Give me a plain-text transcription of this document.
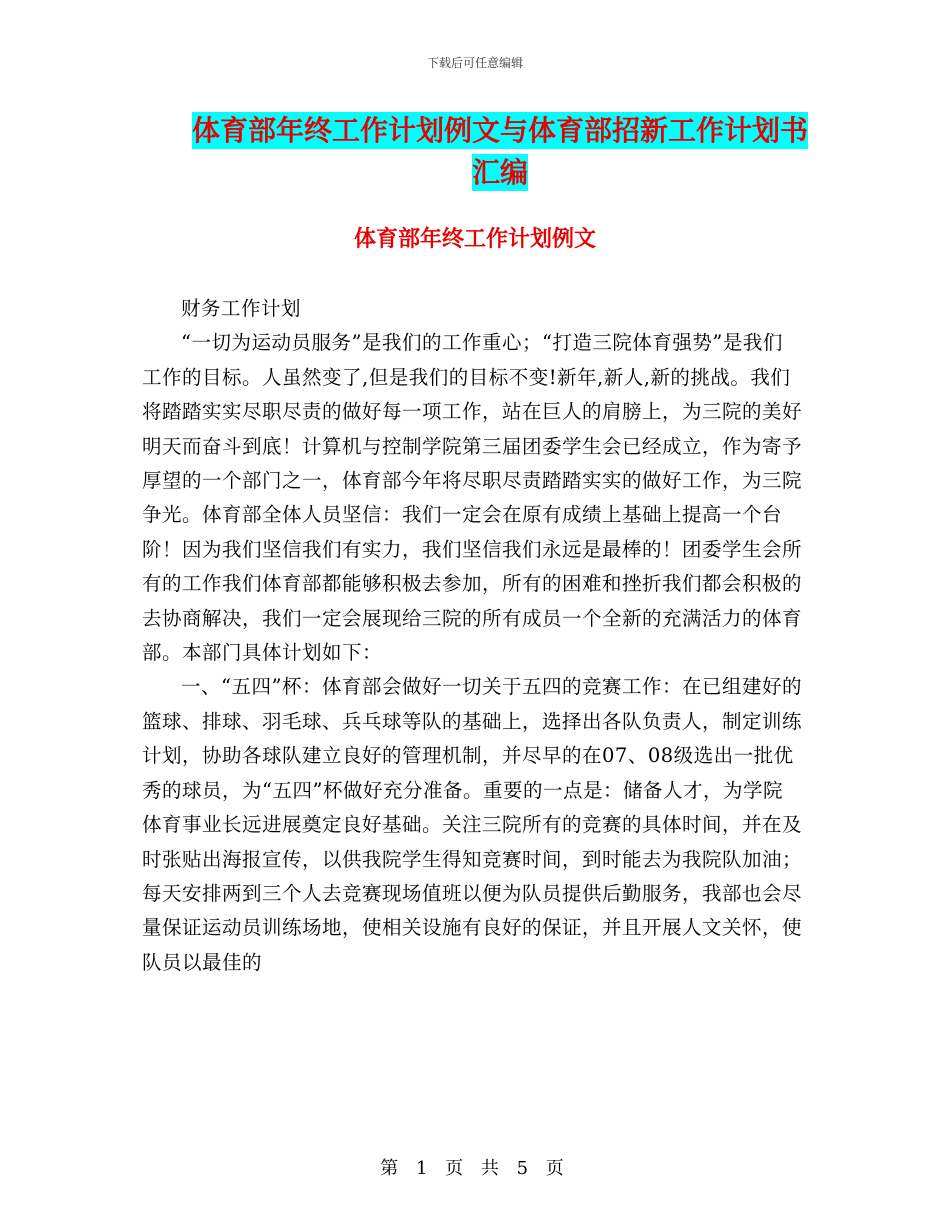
下载后可任意编辑
体育部年终工作计划例文与体育部招新工作计划书汇编
体育部年终工作计划例文

财务工作计划

“一切为运动员服务”是我们的工作重心；“打造三院体育强势”是我们工作的目标。人虽然变了,但是我们的目标不变!新年,新人,新的挑战。我们将踏踏实实尽职尽责的做好每一项工作，站在巨人的肩膀上，为三院的美好明天而奋斗到底！计算机与控制学院第三届团委学生会已经成立，作为寄予厚望的一个部门之一，体育部今年将尽职尽责踏踏实实的做好工作，为三院争光。体育部全体人员坚信：我们一定会在原有成绩上基础上提高一个台阶！因为我们坚信我们有实力，我们坚信我们永远是最棒的！团委学生会所有的工作我们体育部都能够积极去参加，所有的困难和挫折我们都会积极的去协商解决，我们一定会展现给三院的所有成员一个全新的充满活力的体育部。本部门具体计划如下：

一、“五四”杯：体育部会做好一切关于五四的竞赛工作：在已组建好的篮球、排球、羽毛球、兵乓球等队的基础上，选择出各队负责人，制定训练计划，协助各球队建立良好的管理机制，并尽早的在07、08级选出一批优秀的球员，为“五四”杯做好充分准备。重要的一点是：储备人才，为学院体育事业长远进展奠定良好基础。关注三院所有的竞赛的具体时间，并在及时张贴出海报宣传，以供我院学生得知竞赛时间，到时能去为我院队加油；每天安排两到三个人去竞赛现场值班以便为队员提供后勤服务，我部也会尽量保证运动员训练场地，使相关设施有良好的保证，并且开展人文关怀，使队员以最佳的

第 1 页 共 5 页
